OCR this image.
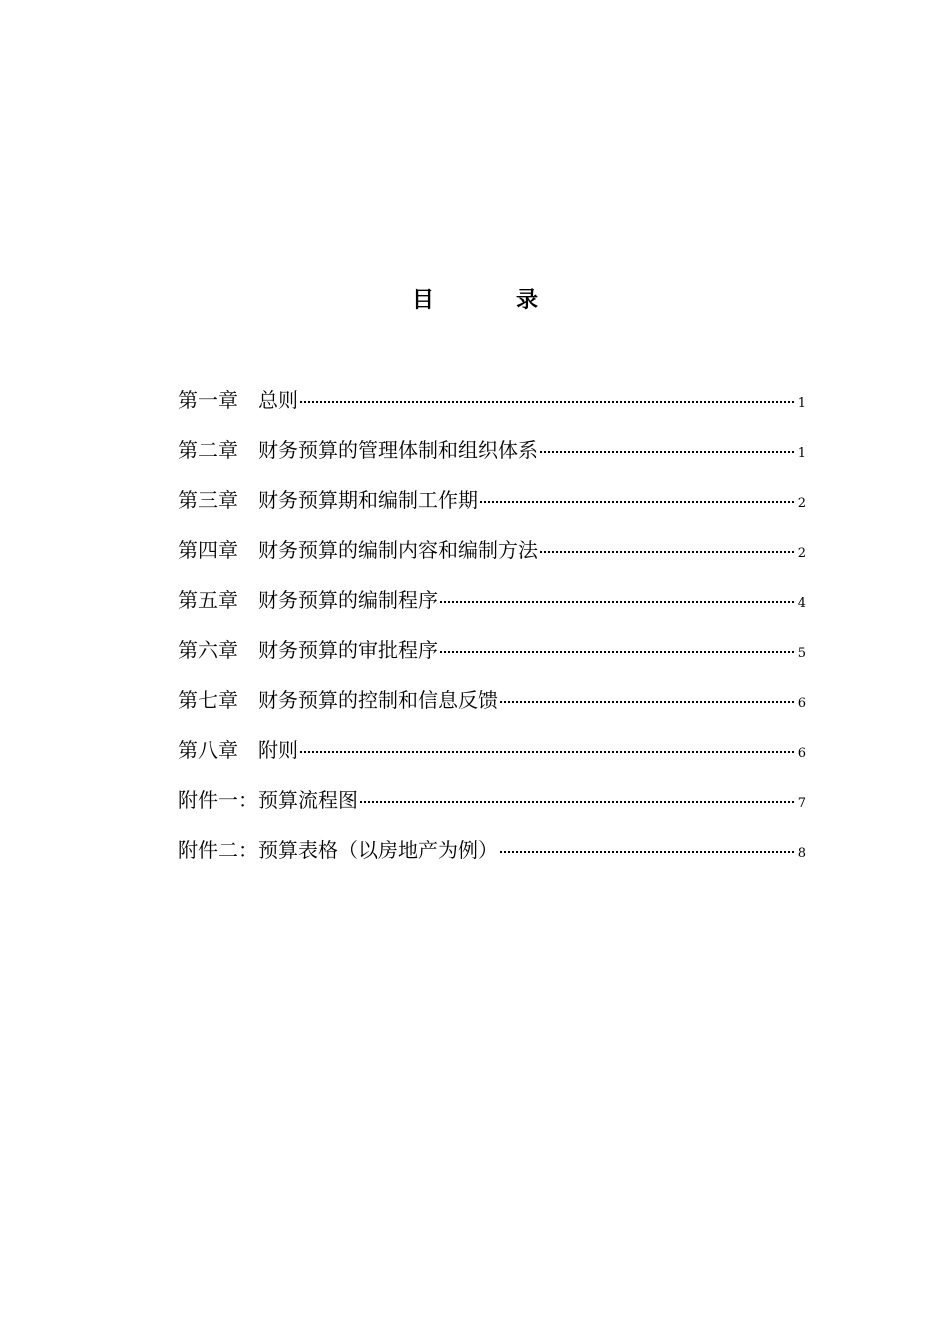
目　录
第一章　总则	1
第二章　财务预算的管理体制和组织体系	1
第三章　财务预算期和编制工作期	2
第四章　财务预算的编制内容和编制方法	2
第五章　财务预算的编制程序	4
第六章　财务预算的审批程序	5
第七章　财务预算的控制和信息反馈	6
第八章　附则	6
附件一：预算流程图	7
附件二：预算表格（以房地产为例）	8
